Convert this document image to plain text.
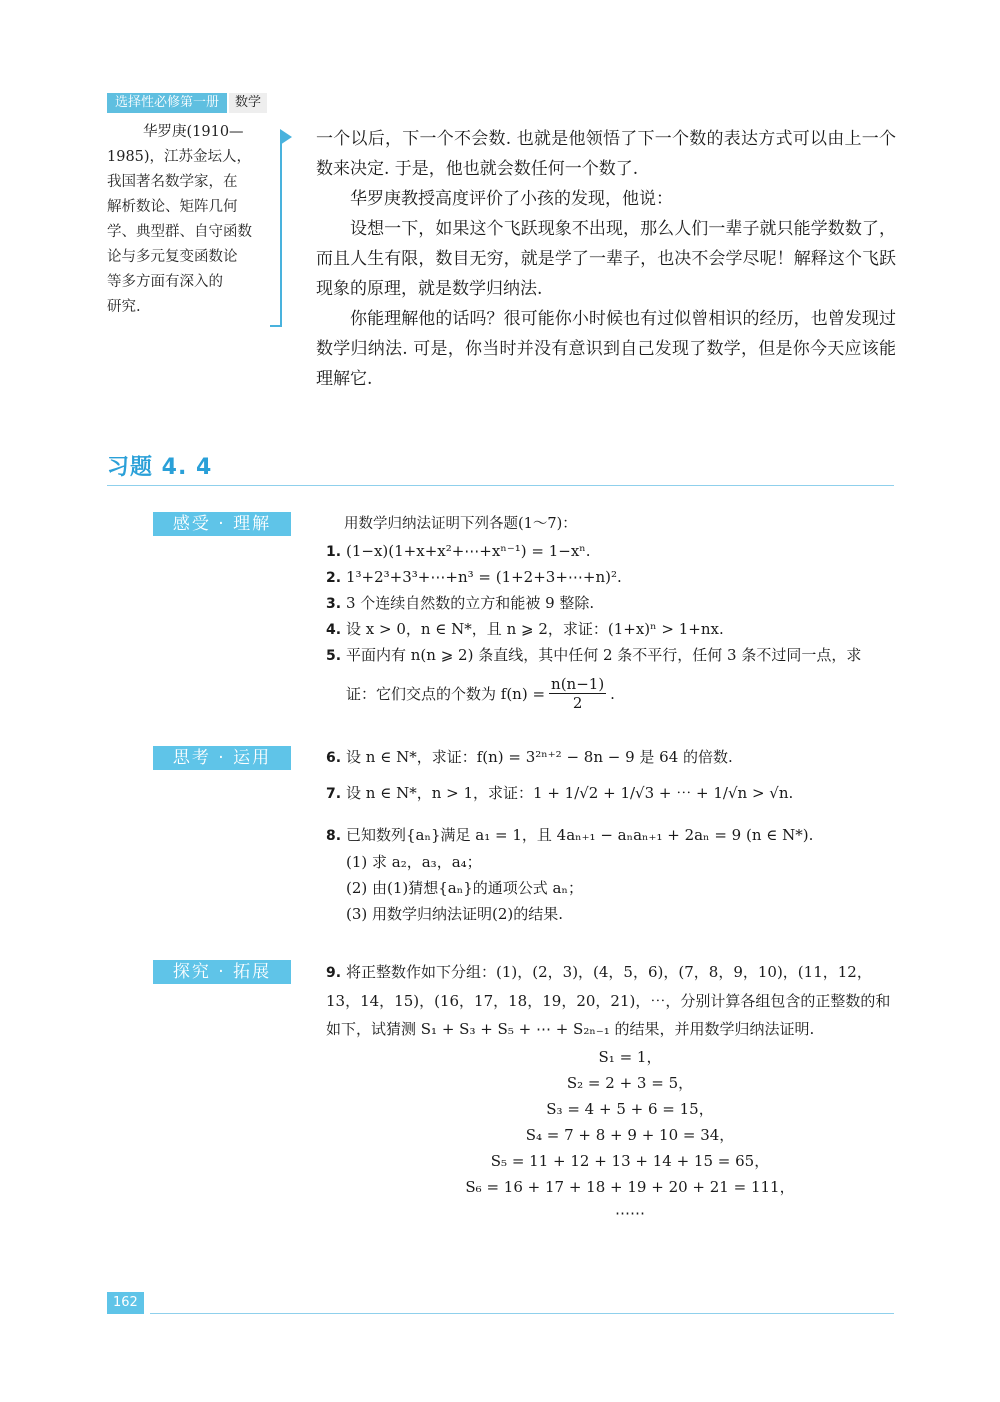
选择性必修第一册	数学
华罗庚(1910—
1985)，江苏金坛人，
我国著名数学家，在
解析数论、矩阵几何
学、典型群、自守函数
论与多元复变函数论
等多方面有深入的
研究.

一个以后，下一个不会数. 也就是他领悟了下一个数的表达方式可以由上一个数来决定. 于是，他也就会数任何一个数了.

华罗庚教授高度评价了小孩的发现，他说：

设想一下，如果这个飞跃现象不出现，那么人们一辈子就只能学数数了，而且人生有限，数目无穷，就是学了一辈子，也决不会学尽呢！解释这个飞跃现象的原理，就是数学归纳法.

你能理解他的话吗？很可能你小时候也有过似曾相识的经历，也曾发现过数学归纳法. 可是，你当时并没有意识到自己发现了数学，但是你今天应该能理解它.

习题 4. 4
感受 · 理解	用数学归纳法证明下列各题(1～7)：
1. (1−x)(1+x+x²+⋯+xⁿ⁻¹) = 1−xⁿ.
2. 1³+2³+3³+⋯+n³ = (1+2+3+⋯+n)².
3. 3 个连续自然数的立方和能被 9 整除.
4. 设 x > 0，n ∈ N*，且 n ⩾ 2，求证：(1+x)ⁿ > 1+nx.
5. 平面内有 n(n ⩾ 2) 条直线，其中任何 2 条不平行，任何 3 条不过同一点，求
证：它们交点的个数为 $f(n) = \frac{n(n-1)}{2}$ .
思考 · 运用	6. 设 n ∈ N*，求证：f(n) = 3²ⁿ⁺² − 8n − 9 是 64 的倍数.
7. 设 n ∈ N*，n > 1，求证：1 + 1/√2 + 1/√3 + ⋯ + 1/√n > √n.
8. 已知数列{aₙ}满足 a₁ = 1，且 4aₙ₊₁ − aₙaₙ₊₁ + 2aₙ = 9 (n ∈ N*).
(1) 求 a₂，a₃，a₄；
(2) 由(1)猜想{aₙ}的通项公式 aₙ；
(3) 用数学归纳法证明(2)的结果.
探究 · 拓展	9. 将正整数作如下分组：(1)，(2，3)，(4，5，6)，(7，8，9，10)，(11，12，13，14，15)，(16，17，18，19，20，21)，⋯，分别计算各组包含的正整数的和如下，试猜测 S₁ + S₃ + S₅ + ⋯ + S₂ₙ₋₁ 的结果，并用数学归纳法证明.
S₁ = 1，
S₂ = 2 + 3 = 5，
S₃ = 4 + 5 + 6 = 15，
S₄ = 7 + 8 + 9 + 10 = 34，
S₅ = 11 + 12 + 13 + 14 + 15 = 65，
S₆ = 16 + 17 + 18 + 19 + 20 + 21 = 111，
⋯⋯
162
